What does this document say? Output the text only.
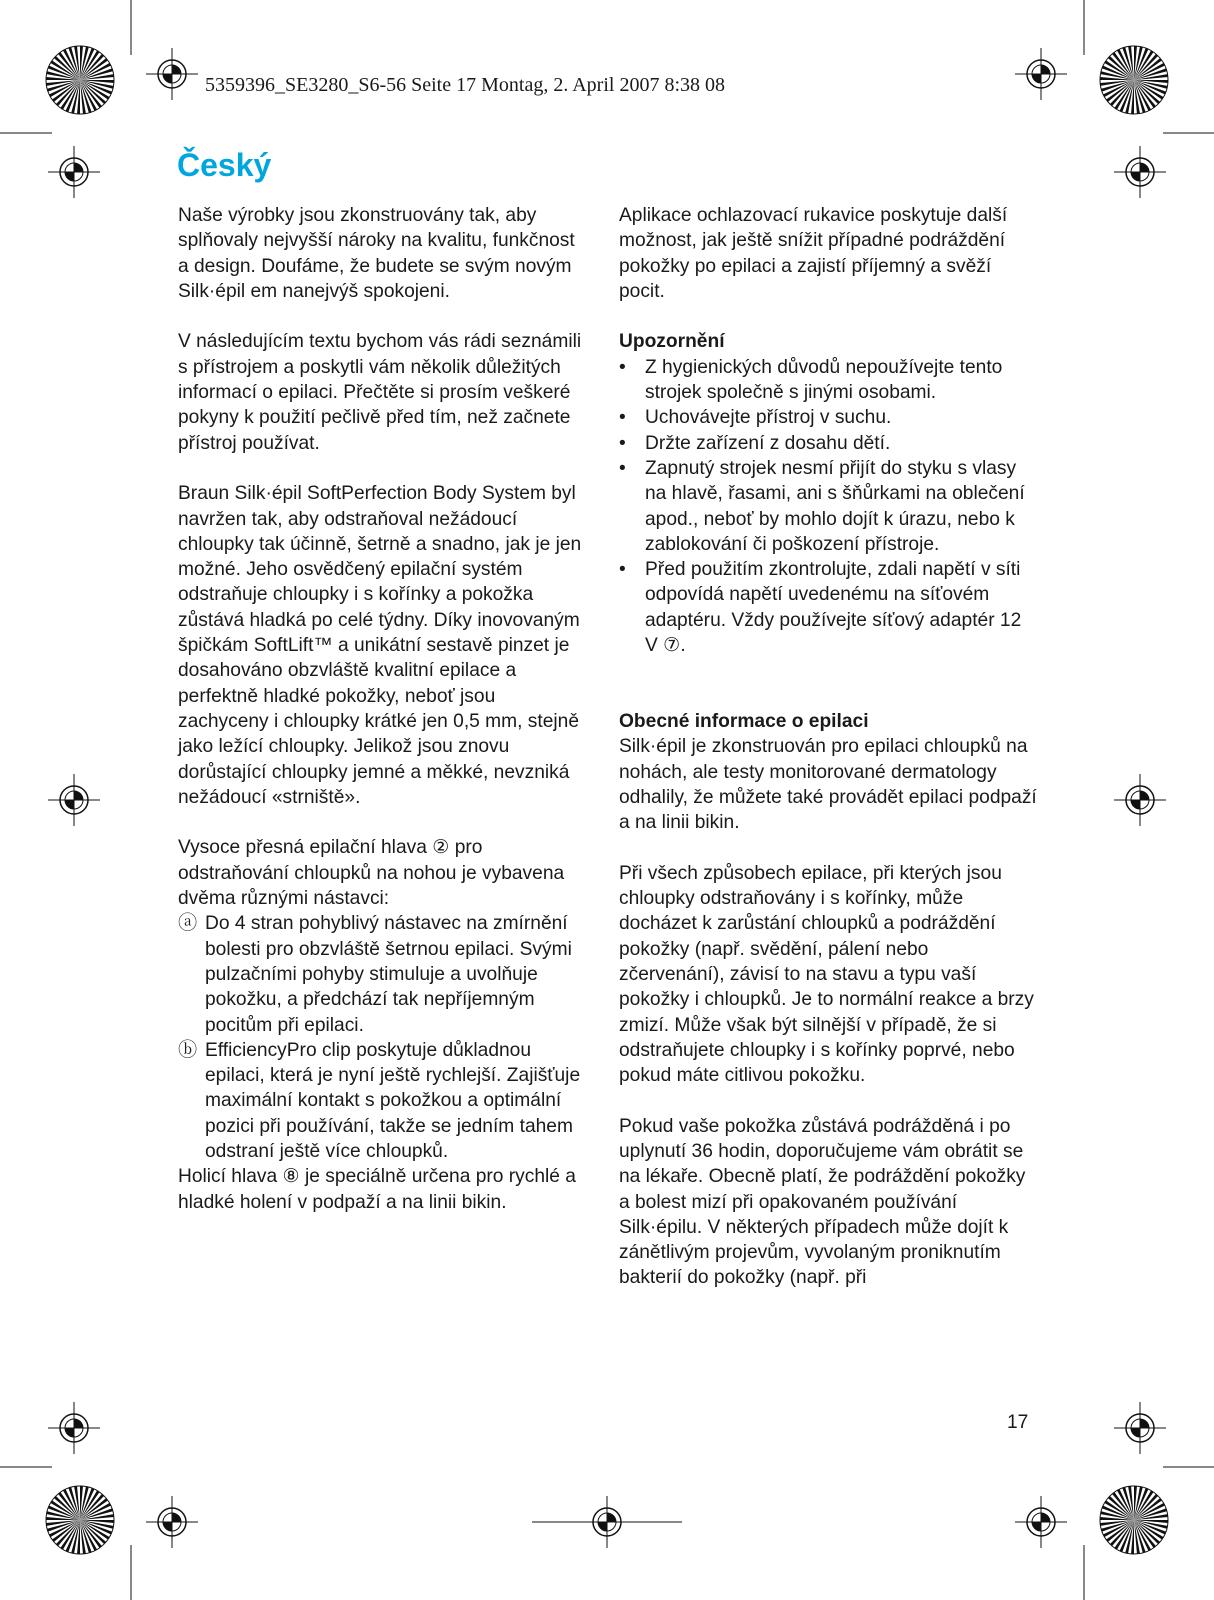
5359396_SE3280_S6-56 Seite 17 Montag, 2. April 2007 8:38 08
Český

Naše výrobky jsou zkonstruovány tak, aby splňovaly nejvyšší nároky na kvalitu, funkčnost a design. Doufáme, že budete se svým novým Silk·épil em nanejvýš spokojeni.

V následujícím textu bychom vás rádi seznámili s přístrojem a poskytli vám několik důležitých informací o epilaci. Přečtěte si prosím veškeré pokyny k použití pečlivě před tím, než začnete přístroj používat.

Braun Silk·épil SoftPerfection Body System byl navržen tak, aby odstraňoval nežádoucí chloupky tak účinně, šetrně a snadno, jak je jen možné. Jeho osvědčený epilační systém odstraňuje chloupky i s kořínky a pokožka zůstává hladká po celé týdny. Díky inovovaným špičkám SoftLift™ a unikátní sestavě pinzet je dosahováno obzvláště kvalitní epilace a perfektně hladké pokožky, neboť jsou zachyceny i chloupky krátké jen 0,5 mm, stejně jako ležící chloupky. Jelikož jsou znovu dorůstající chloupky jemné a měkké, nevzniká nežádoucí «strniště».

Vysoce přesná epilační hlava ② pro odstraňování chloupků na nohou je vybavena dvěma různými nástavci:

ⓐ Do 4 stran pohyblivý nástavec na zmírnění bolesti pro obzvláště šetrnou epilaci. Svými pulzačními pohyby stimuluje a uvolňuje pokožku, a předchází tak nepříjemným pocitům při epilaci.
ⓑ EfficiencyPro clip poskytuje důkladnou epilaci, která je nyní ještě rychlejší. Zajišťuje maximální kontakt s pokožkou a optimální pozici při používání, takže se jedním tahem odstraní ještě více chloupků.

Holicí hlava ⑧ je speciálně určena pro rychlé a hladké holení v podpaží a na linii bikin.

Aplikace ochlazovací rukavice poskytuje další možnost, jak ještě snížit případné podráždění pokožky po epilaci a zajistí příjemný a svěží pocit.

Upozornění
• Z hygienických důvodů nepoužívejte tento strojek společně s jinými osobami.
• Uchovávejte přístroj v suchu.
• Držte zařízení z dosahu dětí.
• Zapnutý strojek nesmí přijít do styku s vlasy na hlavě, řasami, ani s šňůrkami na oblečení apod., neboť by mohlo dojít k úrazu, nebo k zablokování či poškození přístroje.
• Před použitím zkontrolujte, zdali napětí v síti odpovídá napětí uvedenému na síťovém adaptéru. Vždy používejte síťový adaptér 12 V ⑦.
Obecné informace o epilaci

Silk·épil je zkonstruován pro epilaci chloupků na nohách, ale testy monitorované dermatology odhalily, že můžete také provádět epilaci podpaží a na linii bikin.

Při všech způsobech epilace, při kterých jsou chloupky odstraňovány i s kořínky, může docházet k zarůstání chloupků a podráždění pokožky (např. svědění, pálení nebo zčervenání), závisí to na stavu a typu vaší pokožky i chloupků. Je to normální reakce a brzy zmizí. Může však být silnější v případě, že si odstraňujete chloupky i s kořínky poprvé, nebo pokud máte citlivou pokožku.

Pokud vaše pokožka zůstává podrážděná i po uplynutí 36 hodin, doporučujeme vám obrátit se na lékaře. Obecně platí, že podráždění pokožky a bolest mizí při opakovaném používání Silk·épilu. V některých případech může dojít k zánětlivým projevům, vyvolaným proniknutím bakterií do pokožky (např. při

17
